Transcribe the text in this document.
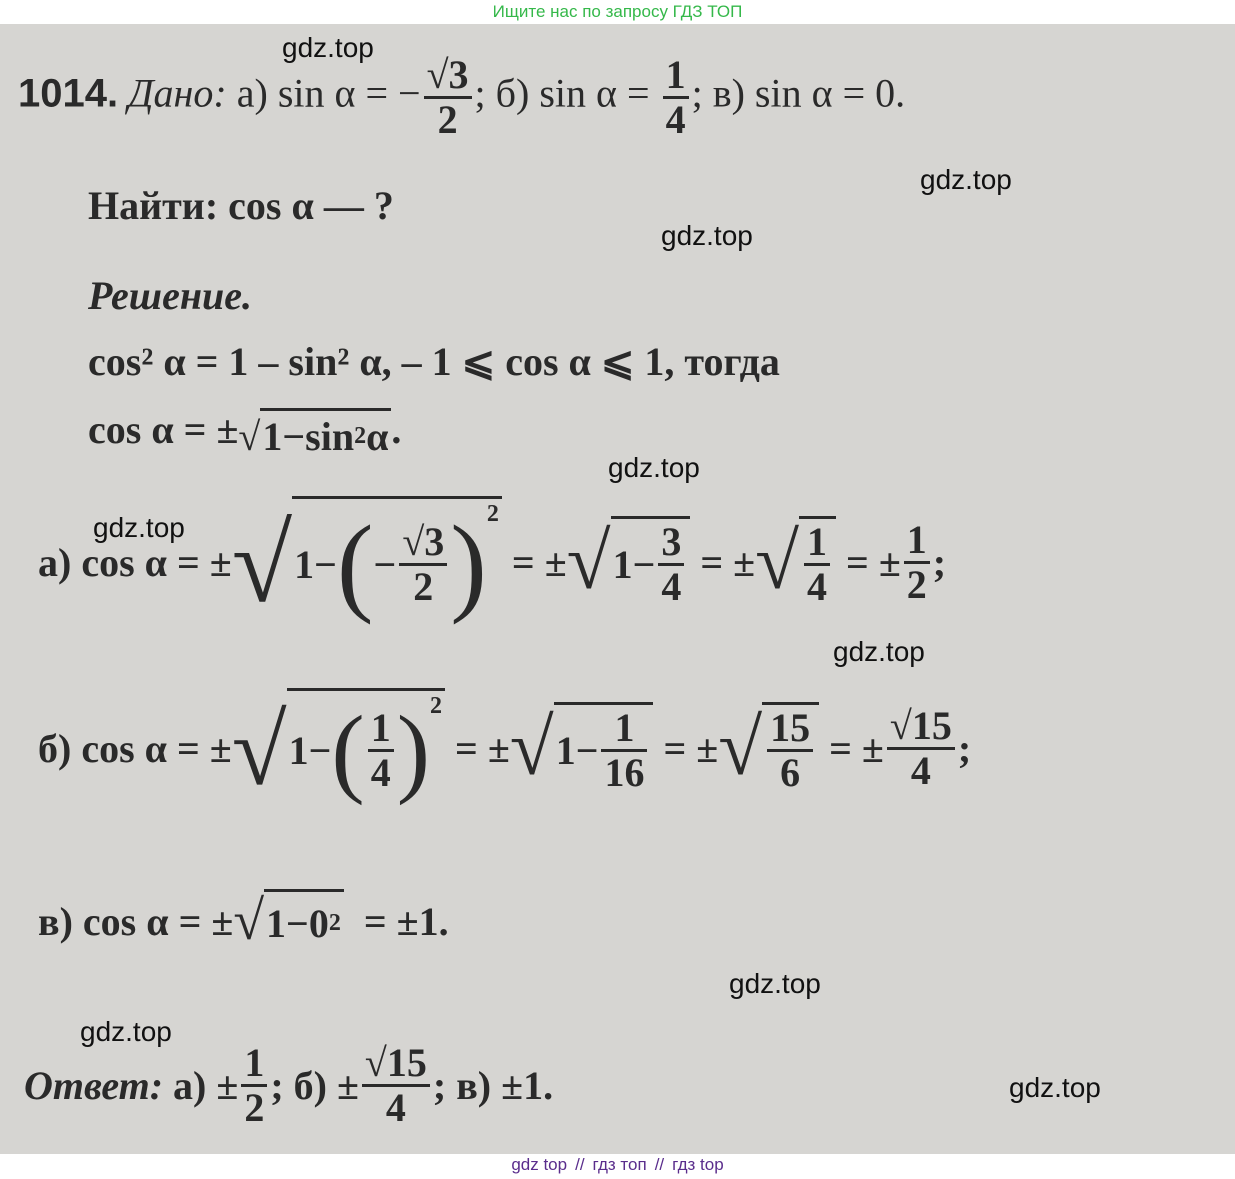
Ищите нас по запросу ГДЗ ТОП
1014. Дано: а) sin α = − $\frac{√3}{2}$ ; б) $\sin \alpha = \frac{1}{4}$ ; в) sin α = 0.
Найти: cos α — ?
Решение.
cos² α = 1 – sin² α, – 1 ⩽ cos α ⩽ 1, тогда
cos α = ± √ 1−sin 2 α .
а)
cos α = ± √ 1− ( − $\frac{√3}{2} )^2$

= ± √ $1- \frac{3}{4}$
= ± √ $\frac{1}{4}$
= ± $\frac{1}{2}$ ;
б)
cos α = ± √ 1− ( $\frac{1}{4} )^2$

= ± √ $1- \frac{1}{16}$
= ± √ $\frac{15}{6}$
= ± $\frac{√15}{4}$ ;
в)
cos α = ± √ 1−0 2
= ±1.
Ответ:
$а) \pm \frac{1}{2}$ ; $б) \pm \frac{√15}{4}$ ; в) ±1.
gdz.top
gdz.top
gdz.top
gdz.top
gdz.top
gdz.top
gdz.top
gdz.top
gdz.top
gdz top // гдз топ // гдз top
